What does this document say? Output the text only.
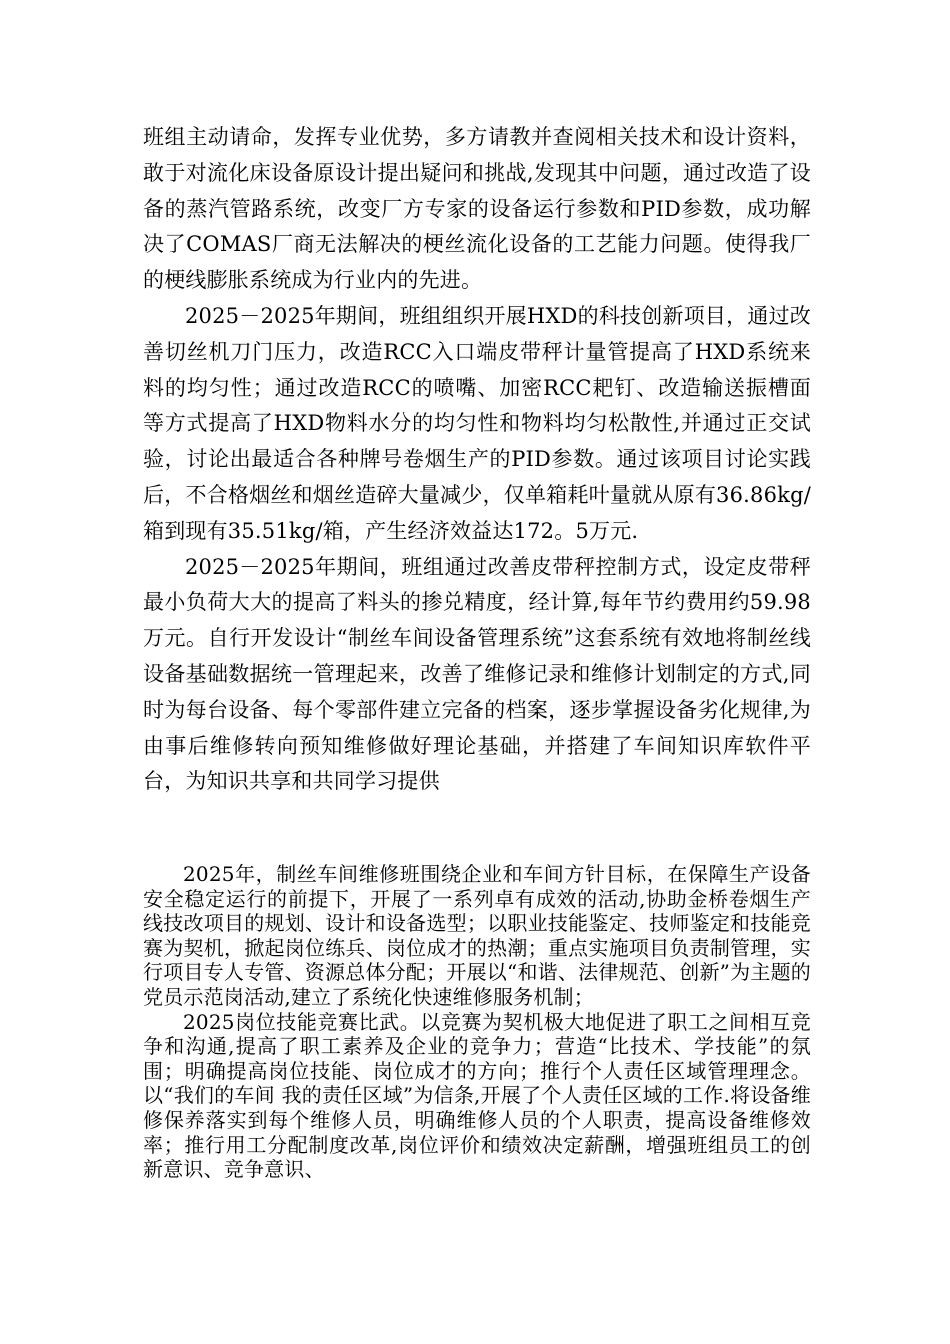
班组主动请命，发挥专业优势，多方请教并查阅相关技术和设计资料，敢于对流化床设备原设计提出疑问和挑战,发现其中问题，通过改造了设备的蒸汽管路系统，改变厂方专家的设备运行参数和PID参数，成功解决了COMAS厂商无法解决的梗丝流化设备的工艺能力问题。使得我厂的梗线膨胀系统成为行业内的先进。

2025－2025年期间，班组组织开展HXD的科技创新项目，通过改善切丝机刀门压力，改造RCC入口端皮带秤计量管提高了HXD系统来料的均匀性；通过改造RCC的喷嘴、加密RCC耙钉、改造输送振槽面等方式提高了HXD物料水分的均匀性和物料均匀松散性,并通过正交试验，讨论出最适合各种牌号卷烟生产的PID参数。通过该项目讨论实践后，不合格烟丝和烟丝造碎大量减少，仅单箱耗叶量就从原有36.86kg/箱到现有35.51kg/箱，产生经济效益达172。5万元.

2025－2025年期间，班组通过改善皮带秤控制方式，设定皮带秤最小负荷大大的提高了料头的掺兑精度，经计算,每年节约费用约59.98万元。自行开发设计“制丝车间设备管理系统”这套系统有效地将制丝线设备基础数据统一管理起来，改善了维修记录和维修计划制定的方式,同时为每台设备、每个零部件建立完备的档案，逐步掌握设备劣化规律,为由事后维修转向预知维修做好理论基础，并搭建了车间知识库软件平台，为知识共享和共同学习提供

2025年，制丝车间维修班围绕企业和车间方针目标，在保障生产设备安全稳定运行的前提下，开展了一系列卓有成效的活动,协助金桥卷烟生产线技改项目的规划、设计和设备选型；以职业技能鉴定、技师鉴定和技能竞赛为契机，掀起岗位练兵、岗位成才的热潮；重点实施项目负责制管理，实行项目专人专管、资源总体分配；开展以“和谐、法律规范、创新”为主题的党员示范岗活动,建立了系统化快速维修服务机制；

2025岗位技能竞赛比武。以竞赛为契机极大地促进了职工之间相互竞争和沟通,提高了职工素养及企业的竞争力；营造“比技术、学技能”的氛围；明确提高岗位技能、岗位成才的方向；推行个人责任区域管理理念。以“我们的车间 我的责任区域”为信条,开展了个人责任区域的工作.将设备维修保养落实到每个维修人员，明确维修人员的个人职责，提高设备维修效率；推行用工分配制度改革,岗位评价和绩效决定薪酬，增强班组员工的创新意识、竞争意识、
